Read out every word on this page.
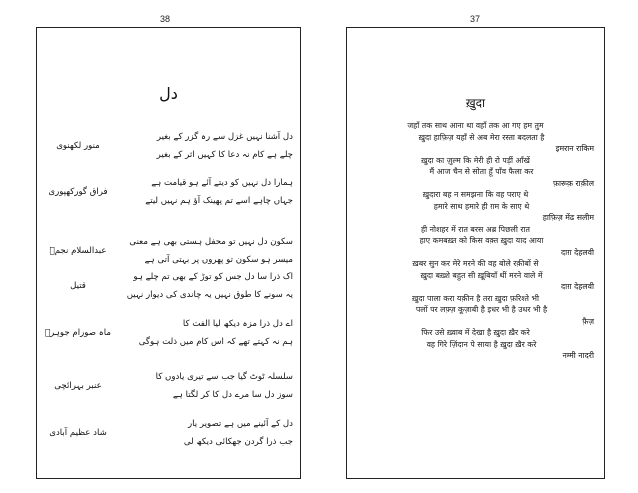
38	37
دل
دل آشنا نہیں غزل سے رہ گزر کے بغیر
چلے ہے کام نہ دعا کا کہیں اثر کے بغیر
منور لکھنوی
ہمارا دل نہیں کو دیتے آئے ہو قیامت ہے
جہاں چاہے اسے تم پھینک آؤ ہم نہیں لیتے
فراق گورکھپوری
سکون دل نہیں تو محفل ہستی بھی ہے معنی
میسر ہو سکون تو پھروں پر بہتی آتی ہے
عبدالسلام نجمؔ
اک ذرا سا دل جس کو توڑ کے بھی تم چلے ہو
یہ سونے کا طوق نہیں یہ چاندی کی دیوار نہیں
قتیل
اے دل ذرا مزہ دیکھ لیا الفت کا
ہم نہ کہتے تھے کہ اس کام میں ذلت ہوگی
ماہ صورام جوہرؔ
سلسلہ ٹوٹ گیا جب سے تیری یادوں کا
سوز دل سا مرے دل کا کر لگتا ہے
عنبر بہرائچی
دل کے آئینے میں ہے تصویر یار
جب ذرا گردن جھکائی دیکھ لی
شاد عظیم آبادی
ख़ुदा
जहाँ तक साथ आना था वहाँ तक आ गए हम तुम
ख़ुदा हाफ़िज़ यहाँ से अब मेरा रस्ता बदलता है
इमरान राकिम
ख़ुदा का ज़ुल्म कि मेरी ही रो पड़ीं आँखें
मैं आज चैन से सोता हूँ पाँव फैला कर
फ़ारूक़ राक़ील
ख़ुदारा बह न समझना कि वह पराए थे
हमारे साथ हमारे ही ग़म के साए थे
हाफ़िज़ मेंढ सलीम
ही नोशहर में रात बरस अब्र पिछली रात
हाए कमबख़्त को किस वक़्त ख़ुदा याद आया
दाग़ देहलवी
ख़बर सुन कर मेरे मरने की वह बोले रक़ीबों से
ख़ुदा बख़्शे बहुत सी ख़ूबियाँ थीं मरने वाले में
दाग़ देहलवी
ख़ुदा पाला करा यक़ीन है तरा ख़ुदा फ़रिश्ते भी
पलों पर लफ़्ज़ कूज़ाबी है इधर भी है उधर भी है
फ़ैज़
फिर उसे ख़्वाब में देखा है ख़ुदा ख़ैर करे
वह गिरे ज़िंदान पे साया है ख़ुदा ख़ैर करे
नम्मी नादरी
